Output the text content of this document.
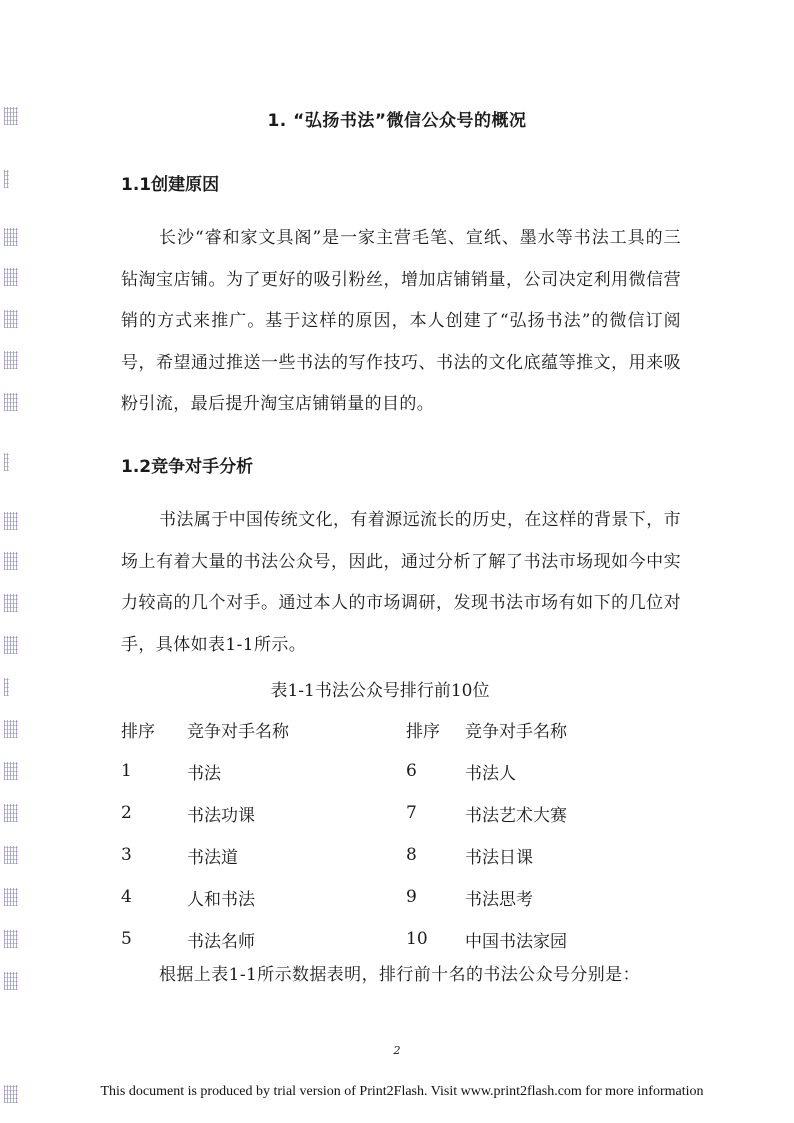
1. “弘扬书法”微信公众号的概况
1.1创建原因
长沙“睿和家文具阁”是一家主营毛笔、宣纸、墨水等书法工具的三钻淘宝店铺。为了更好的吸引粉丝，增加店铺销量，公司决定利用微信营销的方式来推广。基于这样的原因，本人创建了“弘扬书法”的微信订阅号，希望通过推送一些书法的写作技巧、书法的文化底蕴等推文，用来吸粉引流，最后提升淘宝店铺销量的目的。
1.2竞争对手分析
书法属于中国传统文化，有着源远流长的历史，在这样的背景下，市场上有着大量的书法公众号，因此，通过分析了解了书法市场现如今中实力较高的几个对手。通过本人的市场调研，发现书法市场有如下的几位对手，具体如表1-1所示。
表1-1书法公众号排行前10位
排序	竞争对手名称	排序	竞争对手名称
1	书法	6	书法人
2	书法功课	7	书法艺术大赛
3	书法道	8	书法日课
4	人和书法	9	书法思考
5	书法名师	10	中国书法家园
根据上表1-1所示数据表明，排行前十名的书法公众号分别是：
2
This document is produced by trial version of Print2Flash. Visit www.print2flash.com for more information
